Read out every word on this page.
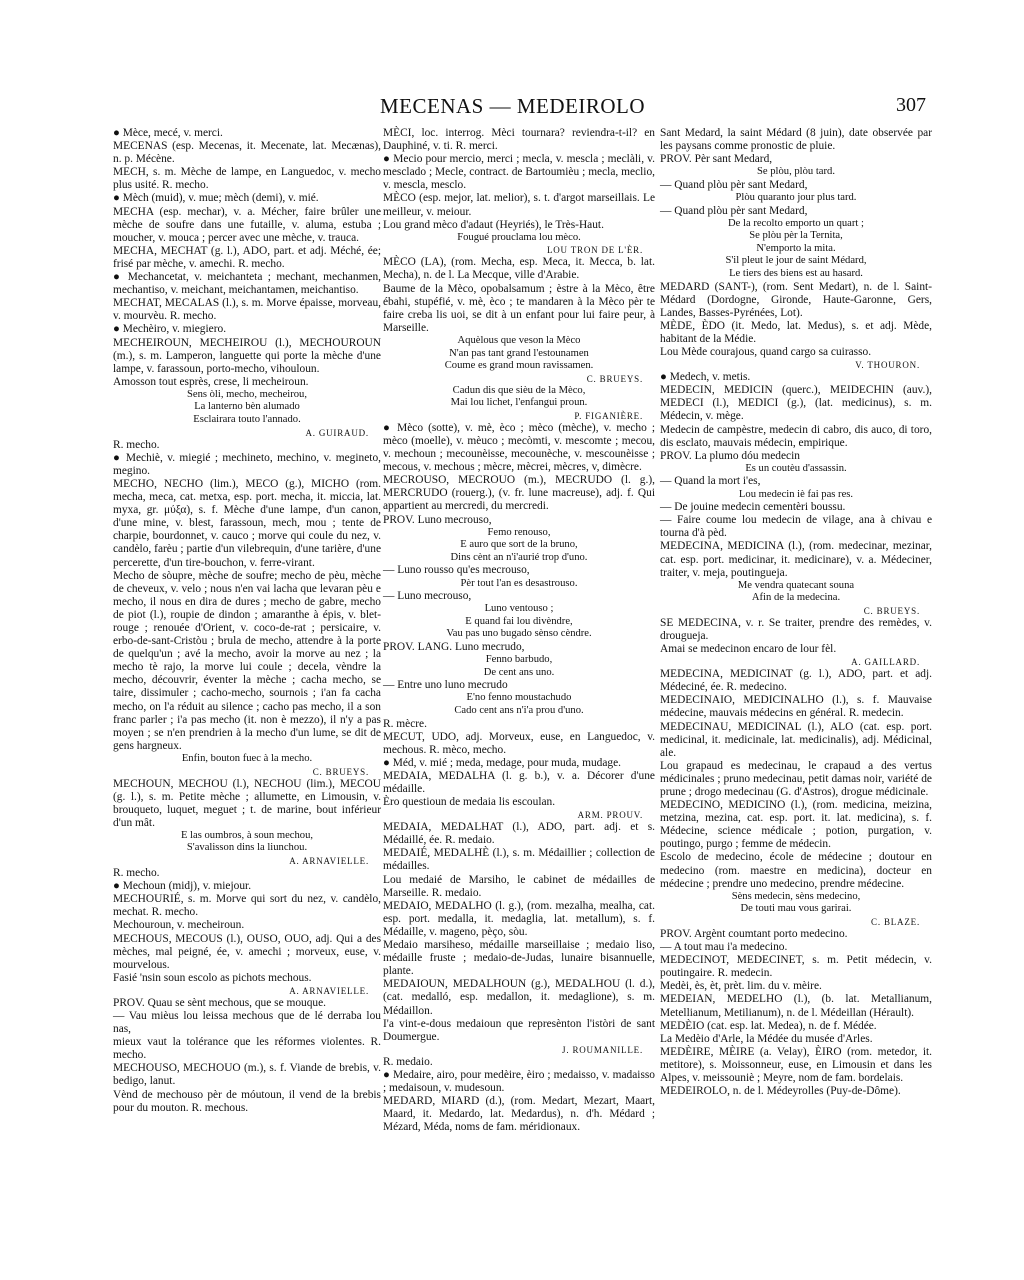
MECENAS — MEDEIROLO	307

● Mèce, mecé, v. merci.

MECENAS (esp. Mecenas, it. Mecenate, lat. Mecænas), n. p. Mécène.

MECH, s. m. Mèche de lampe, en Languedoc, v. mecho plus usité. R. mecho.

● Mèch (muid), v. mue; mèch (demi), v. mié.

MECHA (esp. mechar), v. a. Mécher, faire brûler une mèche de soufre dans une futaille, v. aluma, estuba ; moucher, v. mouca ; percer avec une mèche, v. trauca.

MECHA, MECHAT (g. l.), ADO, part. et adj. Méché, ée; frisé par mèche, v. amechi. R. mecho.

● Mechancetat, v. meichanteta ; mechant, mechanmen, mechantiso, v. meichant, meichantamen, meichantiso.

MECHAT, MECALAS (l.), s. m. Morve épaisse, morveau, v. mourvèu. R. mecho.

● Mechèiro, v. miegiero.

MECHEIROUN, MECHEIROU (l.), MECHOUROUN (m.), s. m. Lamperon, languette qui porte la mèche d'une lampe, v. farassoun, porto-mecho, vihouloun.

Amosson tout esprès, crese, li mecheiroun.

Sens òli, mecho, mecheirou,

La lanterno bèn alumado

Esclairara touto l'annado.

A. GUIRAUD.

R. mecho.

● Mechiè, v. miegié ; mechineto, mechino, v. megineto, megino.

MECHO, NECHO (lim.), MECO (g.), MICHO (rom. mecha, meca, cat. metxa, esp. port. mecha, it. miccia, lat. myxa, gr. μύξα), s. f. Mèche d'une lampe, d'un canon, d'une mine, v. blest, farassoun, mech, mou ; tente de charpie, bourdonnet, v. cauco ; morve qui coule du nez, v. candèlo, farèu ; partie d'un vilebrequin, d'une tarière, d'une percerette, d'un tire-bouchon, v. ferre-virant.

Mecho de sòupre, mèche de soufre; mecho de pèu, mèche de cheveux, v. velo ; nous n'en vai lacha que levaran pèu e mecho, il nous en dira de dures ; mecho de gabre, mecho de piot (l.), roupie de dindon ; amaranthe à épis, v. blet-rouge ; renouée d'Orient, v. coco-de-rat ; persicaire, v. erbo-de-sant-Cristòu ; brula de mecho, attendre à la porte de quelqu'un ; avé la mecho, avoir la morve au nez ; la mecho tè rajo, la morve lui coule ; decela, vèndre la mecho, découvrir, éventer la mèche ; cacha mecho, se taire, dissimuler ; cacho-mecho, sournois ; i'an fa cacha mecho, on l'a réduit au silence ; cacho pas mecho, il a son franc parler ; i'a pas mecho (it. non è mezzo), il n'y a pas moyen ; se n'en prendrien à la mecho d'un lume, se dit de gens hargneux.

Enfin, bouton fuec à la mecho.

C. BRUEYS.

MECHOUN, MECHOU (l.), NECHOU (lim.), MECOU (g. l.), s. m. Petite mèche ; allumette, en Limousin, v. brouqueto, luquet, meguet ; t. de marine, bout inférieur d'un mât.

E las oumbros, à soun mechou,

S'avalisson dins la liunchou.

A. ARNAVIELLE.

R. mecho.

● Mechoun (midj), v. miejour.

MECHOURIÉ, s. m. Morve qui sort du nez, v. candèlo, mechat. R. mecho.

Mechouroun, v. mecheiroun.

MECHOUS, MECOUS (l.), OUSO, OUO, adj. Qui a des mèches, mal peigné, ée, v. amechi ; morveux, euse, v. mourvelous.

Fasié 'nsin soun escolo as pichots mechous.

A. ARNAVIELLE.

PROV. Quau se sènt mechous, que se mouque.

— Vau mièus lou leissa mechous que de lé derraba lou nas,

mieux vaut la tolérance que les réformes violentes. R. mecho.

MECHOUSO, MECHOUO (m.), s. f. Viande de brebis, v. bedigo, lanut.

Vènd de mechouso pèr de móutoun, il vend de la brebis pour du mouton. R. mechous.

MÈCI, loc. interrog. Mèci tournara? reviendra-t-il? en Dauphiné, v. ti. R. merci.

● Mecio pour mercio, merci ; mecla, v. mescla ; meclàli, v. mesclado ; Mecle, contract. de Bartoumièu ; mecla, meclio, v. mescla, mesclo.

MÈCO (esp. mejor, lat. melior), s. t. d'argot marseillais. Le meilleur, v. meiour.

Lou grand mèco d'adaut (Heyriés), le Très-Haut.

Fougué prouclama lou mèco.

LOU TRON DE L'ÈR.

MÈCO (LA), (rom. Mecha, esp. Meca, it. Mecca, b. lat. Mecha), n. de l. La Mecque, ville d'Arabie.

Baume de la Mèco, opobalsamum ; èstre à la Mèco, être ébahi, stupéfié, v. mè, èco ; te mandaren à la Mèco pèr te faire creba lis uoi, se dit à un enfant pour lui faire peur, à Marseille.

Aquèlous que veson la Mèco

N'an pas tant grand l'estounamen

Coume es grand moun ravissamen.

C. BRUEYS.

Cadun dis que sièu de la Mèco,

Mai lou lichet, l'enfangui proun.

P. FIGANIÈRE.

● Mèco (sotte), v. mè, èco ; mèco (mèche), v. mecho ; mèco (moelle), v. mèuco ; mecòmti, v. mescomte ; mecou, v. mechoun ; mecounèisse, mecounèche, v. mescounèisse ; mecous, v. mechous ; mècre, mècrei, mècres, v, dimècre.

MECROUSO, MECROUO (m.), MECRUDO (l. g.), MERCRUDO (rouerg.), (v. fr. lune macreuse), adj. f. Qui appartient au mercredi, du mercredi.

PROV. Luno mecrouso,

Femo renouso,

E auro que sort de la bruno,

Dins cènt an n'i'aurié trop d'uno.

— Luno rousso qu'es mecrouso,

Pèr tout l'an es desastrouso.

— Luno mecrouso,

Luno ventouso ;

E quand fai lou divèndre,

Vau pas uno bugado sènso cèndre.

PROV. LANG. Luno mecrudo,

Fenno barbudo,

De cent ans uno.

— Entre uno luno mecrudo

E'no fenno moustachudo

Cado cent ans n'i'a prou d'uno.

R. mècre.

MECUT, UDO, adj. Morveux, euse, en Languedoc, v. mechous. R. mèco, mecho.

● Méd, v. mié ; meda, medage, pour muda, mudage.

MEDAIA, MEDALHA (l. g. b.), v. a. Décorer d'une médaille.

Èro questioun de medaia lis escoulan.

ARM. PROUV.

MEDAIA, MEDALHAT (l.), ADO, part. adj. et s. Médaillé, ée. R. medaio.

MEDAIÉ, MEDALHÈ (l.), s. m. Médaillier ; collection de médailles.

Lou medaié de Marsiho, le cabinet de médailles de Marseille. R. medaio.

MEDAIO, MEDALHO (l. g.), (rom. mezalha, mealha, cat. esp. port. medalla, it. medaglia, lat. metallum), s. f. Médaille, v. mageno, pèço, sòu.

Medaio marsiheso, médaille marseillaise ; medaio liso, médaille fruste ; medaio-de-Judas, lunaire bisannuelle, plante.

MEDAIOUN, MEDALHOUN (g.), MEDALHOU (l. d.), (cat. medalló, esp. medallon, it. medaglione), s. m. Médaillon.

I'a vint-e-dous medaioun que represènton l'istòri de sant Doumergue.

J. ROUMANILLE.

R. medaio.

● Medaire, airo, pour medèire, èiro ; medaisso, v. madaisso ; medaisoun, v. mudesoun.

MEDARD, MIARD (d.), (rom. Medart, Mezart, Maart, Maard, it. Medardo, lat. Medardus), n. d'h. Médard ; Mézard, Méda, noms de fam. méridionaux.

Sant Medard, la saint Médard (8 juin), date observée par les paysans comme pronostic de pluie.

PROV. Pèr sant Medard,

Se plòu, plòu tard.

— Quand plòu pèr sant Medard,

Plòu quaranto jour plus tard.

— Quand plòu pèr sant Medard,

De la recolto emporto un quart ;

Se plòu pèr la Ternita,

N'emporto la mita.

S'il pleut le jour de saint Médard,

Le tiers des biens est au hasard.

MEDARD (SANT-), (rom. Sent Medart), n. de l. Saint-Médard (Dordogne, Gironde, Haute-Garonne, Gers, Landes, Basses-Pyrénées, Lot).

MÈDE, ÈDO (it. Medo, lat. Medus), s. et adj. Mède, habitant de la Médie.

Lou Mède courajous, quand cargo sa cuirasso.

V. THOURON.

● Medech, v. metis.

MEDECIN, MEDICIN (querc.), MEIDECHIN (auv.), MEDECI (l.), MEDICI (g.), (lat. medicinus), s. m. Médecin, v. mège.

Medecin de campèstre, medecin di cabro, dis auco, di toro, dis esclato, mauvais médecin, empirique.

PROV. La plumo dóu medecin

Es un coutèu d'assassin.

— Quand la mort i'es,

Lou medecin iè fai pas res.

— De jouine medecin cementèri boussu.

— Faire coume lou medecin de vilage, ana à chivau e tourna d'à pèd.

MEDECINA, MEDICINA (l.), (rom. medecinar, mezinar, cat. esp. port. medicinar, it. medicinare), v. a. Médeciner, traiter, v. meja, poutingueja.

Me vendra quatecant souna

Afin de la medecina.

C. BRUEYS.

SE MEDECINA, v. r. Se traiter, prendre des remèdes, v. drougueja.

Amai se medecinon encaro de lour fèl.

A. GAILLARD.

MEDECINA, MEDICINAT (g. l.), ADO, part. et adj. Médeciné, ée. R. medecino.

MEDECINAIO, MEDICINALHO (l.), s. f. Mauvaise médecine, mauvais médecins en général. R. medecin.

MEDECINAU, MEDICINAL (l.), ALO (cat. esp. port. medicinal, it. medicinale, lat. medicinalis), adj. Médicinal, ale.

Lou grapaud es medecinau, le crapaud a des vertus médicinales ; pruno medecinau, petit damas noir, variété de prune ; drogo medecinau (G. d'Astros), drogue médicinale.

MEDECINO, MEDICINO (l.), (rom. medicina, meizina, metzina, mezina, cat. esp. port. it. lat. medicina), s. f. Médecine, science médicale ; potion, purgation, v. poutingo, purgo ; femme de médecin.

Escolo de medecino, école de médecine ; doutour en medecino (rom. maestre en medicina), docteur en médecine ; prendre uno medecino, prendre médecine.

Sèns medecin, sèns medecino,

De touti mau vous garirai.

C. BLAZE.

PROV. Argènt coumtant porto medecino.

— A tout mau i'a medecino.

MEDECINOT, MEDECINET, s. m. Petit médecin, v. poutingaire. R. medecin.

Medèi, ès, èt, prèt. lim. du v. mèire.

MEDEIAN, MEDELHO (l.), (b. lat. Metallianum, Metellianum, Metilianum), n. de l. Médeillan (Hérault).

MEDÈIO (cat. esp. lat. Medea), n. de f. Médée.

La Medèio d'Arle, la Médée du musée d'Arles.

MEDÈIRE, MÈIRE (a. Velay), ÈIRO (rom. metedor, it. metitore), s. Moissonneur, euse, en Limousin et dans les Alpes, v. meissouniè ; Meyre, nom de fam. bordelais.

MEDEIROLO, n. de l. Médeyrolles (Puy-de-Dôme).
